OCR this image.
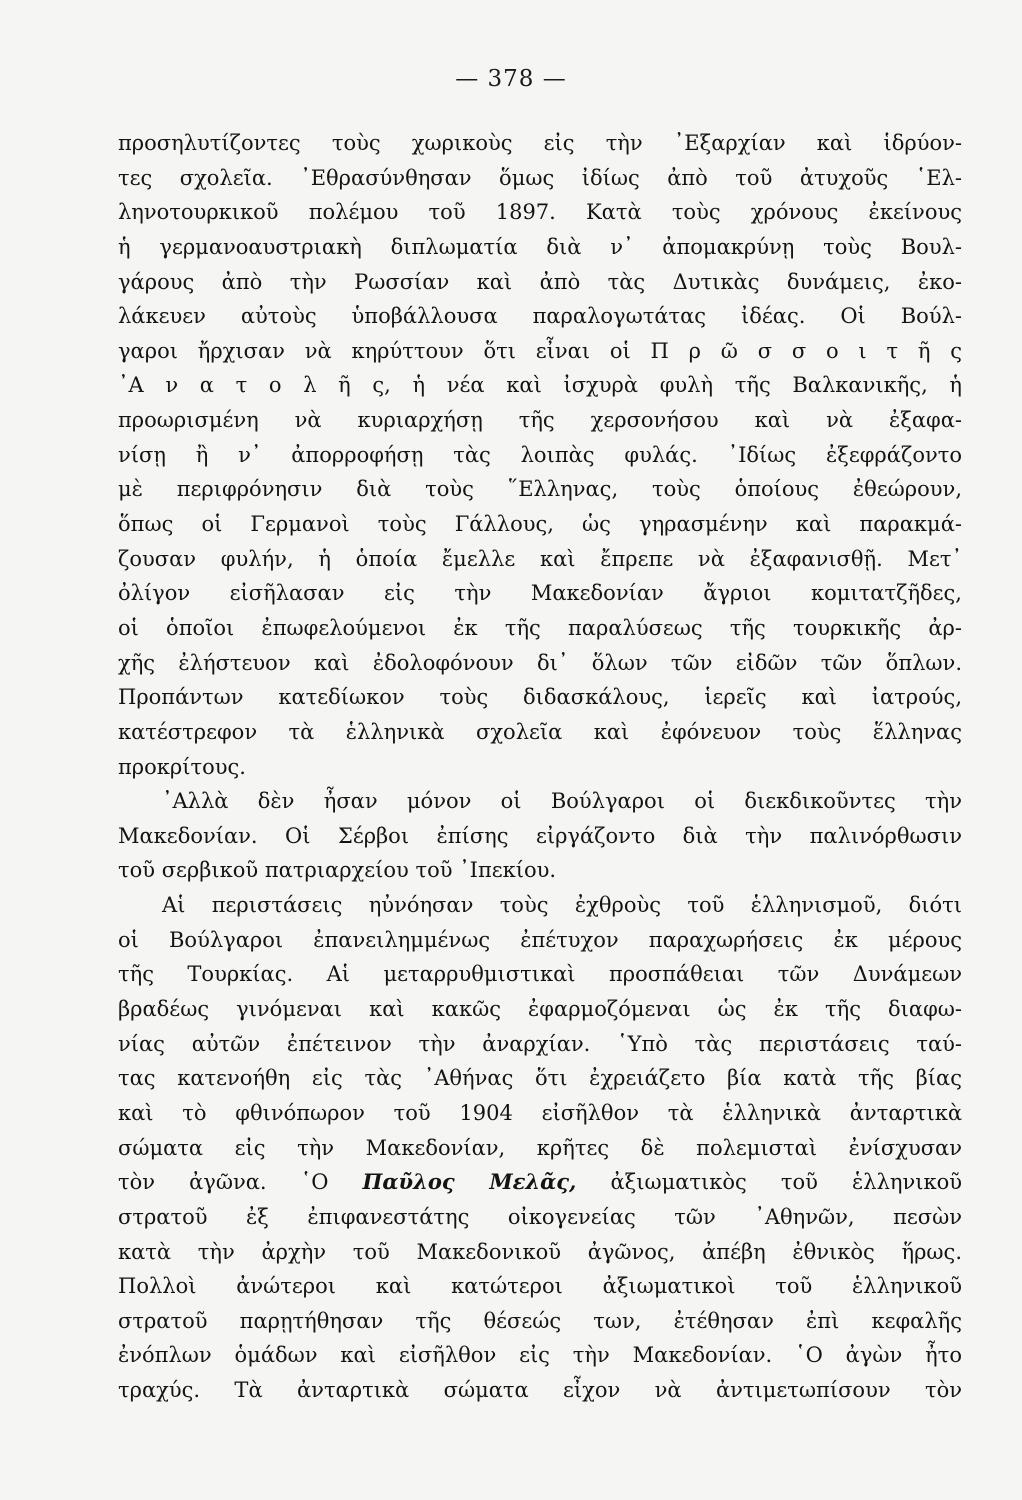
— 378 —
προσηλυτίζοντες τοὺς χωρικοὺς εἰς τὴν ᾿Εξαρχίαν καὶ ἱδρύον-
τες σχολεῖα. ᾿Εθρασύνθησαν ὅμως ἰδίως ἀπὸ τοῦ ἀτυχοῦς ῾Ελ-
ληνοτουρκικοῦ πολέμου τοῦ 1897. Κατὰ τοὺς χρόνους ἐκείνους
ἡ γερμανοαυστριακὴ διπλωματία διὰ ν᾿ ἀπομακρύνῃ τοὺς Βουλ-
γάρους ἀπὸ τὴν Ρωσσίαν καὶ ἀπὸ τὰς Δυτικὰς δυνάμεις, ἐκο-
λάκευεν αὐτοὺς ὑποβάλλουσα παραλογωτάτας ἰδέας. Οἱ Βούλ-
γαροι ἤρχισαν νὰ κηρύττουν ὅτι εἶναι οἱ Π ρ ῶ σ σ ο ι τ ῆ ς
᾿Α ν α τ ο λ ῆ ς, ἡ νέα καὶ ἰσχυρὰ φυλὴ τῆς Βαλκανικῆς, ἡ
προωρισμένη νὰ κυριαρχήσῃ τῆς χερσονήσου καὶ νὰ ἐξαφα-
νίσῃ ἢ ν᾿ ἀπορροφήσῃ τὰς λοιπὰς φυλάς. ᾿Ιδίως ἐξεφράζοντο
μὲ περιφρόνησιν διὰ τοὺς ῞Ελληνας, τοὺς ὁποίους ἐθεώρουν,
ὅπως οἱ Γερμανοὶ τοὺς Γάλλους, ὡς γηρασμένην καὶ παρακμά-
ζουσαν φυλήν, ἡ ὁποία ἔμελλε καὶ ἔπρεπε νὰ ἐξαφανισθῇ. Μετ᾿
ὀλίγον εἰσῆλασαν εἰς τὴν Μακεδονίαν ἄγριοι κομιτατζῆδες,
οἱ ὁποῖοι ἐπωφελούμενοι ἐκ τῆς παραλύσεως τῆς τουρκικῆς ἀρ-
χῆς ἐλήστευον καὶ ἐδολοφόνουν δι᾿ ὅλων τῶν εἰδῶν τῶν ὅπλων.
Προπάντων κατεδίωκον τοὺς διδασκάλους, ἱερεῖς καὶ ἰατρούς,
κατέστρεφον τὰ ἑλληνικὰ σχολεῖα καὶ ἐφόνευον τοὺς ἕλληνας
προκρίτους.
᾿Αλλὰ δὲν ἦσαν μόνον οἱ Βούλγαροι οἱ διεκδικοῦντες τὴν
Μακεδονίαν. Οἱ Σέρβοι ἐπίσης εἰργάζοντο διὰ τὴν παλινόρθωσιν
τοῦ σερβικοῦ πατριαρχείου τοῦ ᾿Ιπεκίου.
Αἱ περιστάσεις ηὐνόησαν τοὺς ἐχθροὺς τοῦ ἑλληνισμοῦ, διότι
οἱ Βούλγαροι ἐπανειλημμένως ἐπέτυχον παραχωρήσεις ἐκ μέρους
τῆς Τουρκίας. Αἱ μεταρρυθμιστικαὶ προσπάθειαι τῶν Δυνάμεων
βραδέως γινόμεναι καὶ κακῶς ἐφαρμοζόμεναι ὡς ἐκ τῆς διαφω-
νίας αὐτῶν ἐπέτεινον τὴν ἀναρχίαν. ῾Υπὸ τὰς περιστάσεις ταύ-
τας κατενοήθη εἰς τὰς ᾿Αθήνας ὅτι ἐχρειάζετο βία κατὰ τῆς βίας
καὶ τὸ φθινόπωρον τοῦ 1904 εἰσῆλθον τὰ ἑλληνικὰ ἀνταρτικὰ
σώματα εἰς τὴν Μακεδονίαν, κρῆτες δὲ πολεμισταὶ ἐνίσχυσαν
τὸν ἀγῶνα. ῾Ο Παῦλος Μελᾶς, ἀξιωματικὸς τοῦ ἑλληνικοῦ
στρατοῦ ἐξ ἐπιφανεστάτης οἰκογενείας τῶν ᾿Αθηνῶν, πεσὼν
κατὰ τὴν ἀρχὴν τοῦ Μακεδονικοῦ ἀγῶνος, ἀπέβη ἐθνικὸς ἥρως.
Πολλοὶ ἀνώτεροι καὶ κατώτεροι ἀξιωματικοὶ τοῦ ἑλληνικοῦ
στρατοῦ παρῃτήθησαν τῆς θέσεώς των, ἐτέθησαν ἐπὶ κεφαλῆς
ἐνόπλων ὁμάδων καὶ εἰσῆλθον εἰς τὴν Μακεδονίαν. ῾Ο ἀγὼν ἦτο
τραχύς. Τὰ ἀνταρτικὰ σώματα εἶχον νὰ ἀντιμετωπίσουν τὸν
